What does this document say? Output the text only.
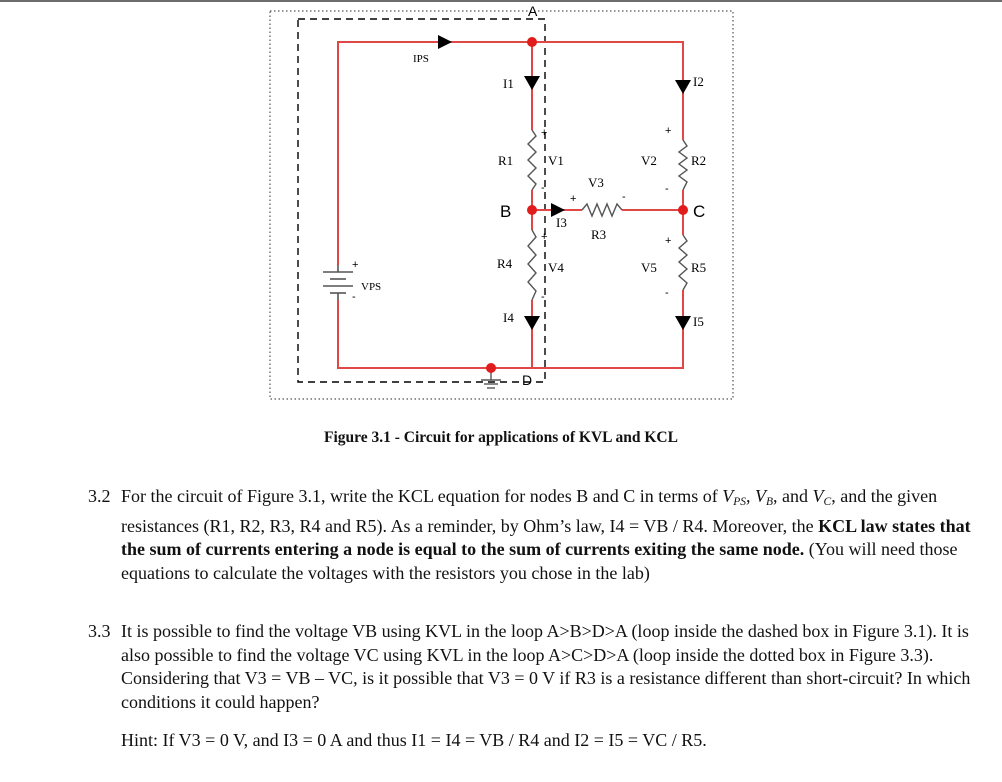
+
-
+
-
+
-
+
-
+	-
+
-
A
B	C
D
IPS
I1	I2
I3
I4	I5
R1	R2
R3
R4	R5
V1	V2
V3
V4	V5
VPS
Figure 3.1 - Circuit for applications of KVL and KCL
3.2 For the circuit of Figure 3.1, write the KCL equation for nodes B and C in terms of VPS, VB, and VC, and the given resistances (R1, R2, R3, R4 and R5). As a reminder, by Ohm’s law, I4 = VB / R4. Moreover, the KCL law states that the sum of currents entering a node is equal to the sum of currents exiting the same node. (You will need those equations to calculate the voltages with the resistors you chose in the lab)
3.3 It is possible to find the voltage VB using KVL in the loop A>B>D>A (loop inside the dashed box in Figure 3.1). It is also possible to find the voltage VC using KVL in the loop A>C>D>A (loop inside the dotted box in Figure 3.3). Considering that V3 = VB – VC, is it possible that V3 = 0 V if R3 is a resistance different than short-circuit? In which conditions it could happen?
Hint: If V3 = 0 V, and I3 = 0 A and thus I1 = I4 = VB / R4 and I2 = I5 = VC / R5.
